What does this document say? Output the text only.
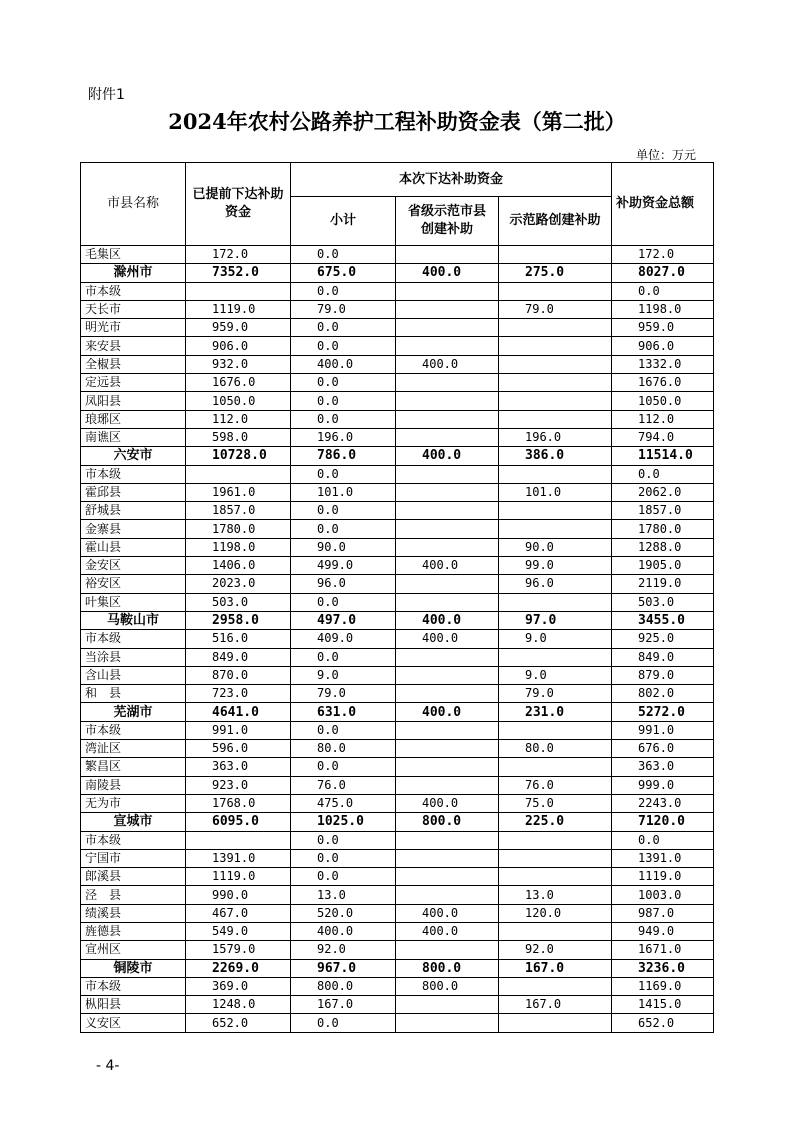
附件1
2024年农村公路养护工程补助资金表（第二批）
单位：万元
市县名称	已提前下达补助资金	本次下达补助资金			补助资金总额
		小计	省级示范市县创建补助	示范路创建补助	
毛集区	172.0	0.0			172.0
滁州市	7352.0	675.0	400.0	275.0	8027.0
市本级		0.0			0.0
天长市	1119.0	79.0		79.0	1198.0
明光市	959.0	0.0			959.0
来安县	906.0	0.0			906.0
全椒县	932.0	400.0	400.0		1332.0
定远县	1676.0	0.0			1676.0
凤阳县	1050.0	0.0			1050.0
琅琊区	112.0	0.0			112.0
南谯区	598.0	196.0		196.0	794.0
六安市	10728.0	786.0	400.0	386.0	11514.0
市本级		0.0			0.0
霍邱县	1961.0	101.0		101.0	2062.0
舒城县	1857.0	0.0			1857.0
金寨县	1780.0	0.0			1780.0
霍山县	1198.0	90.0		90.0	1288.0
金安区	1406.0	499.0	400.0	99.0	1905.0
裕安区	2023.0	96.0		96.0	2119.0
叶集区	503.0	0.0			503.0
马鞍山市	2958.0	497.0	400.0	97.0	3455.0
市本级	516.0	409.0	400.0	9.0	925.0
当涂县	849.0	0.0			849.0
含山县	870.0	9.0		9.0	879.0
和　县	723.0	79.0		79.0	802.0
芜湖市	4641.0	631.0	400.0	231.0	5272.0
市本级	991.0	0.0			991.0
湾沚区	596.0	80.0		80.0	676.0
繁昌区	363.0	0.0			363.0
南陵县	923.0	76.0		76.0	999.0
无为市	1768.0	475.0	400.0	75.0	2243.0
宣城市	6095.0	1025.0	800.0	225.0	7120.0
市本级		0.0			0.0
宁国市	1391.0	0.0			1391.0
郎溪县	1119.0	0.0			1119.0
泾　县	990.0	13.0		13.0	1003.0
绩溪县	467.0	520.0	400.0	120.0	987.0
旌德县	549.0	400.0	400.0		949.0
宣州区	1579.0	92.0		92.0	1671.0
铜陵市	2269.0	967.0	800.0	167.0	3236.0
市本级	369.0	800.0	800.0		1169.0
枞阳县	1248.0	167.0		167.0	1415.0
义安区	652.0	0.0			652.0
- 4-
